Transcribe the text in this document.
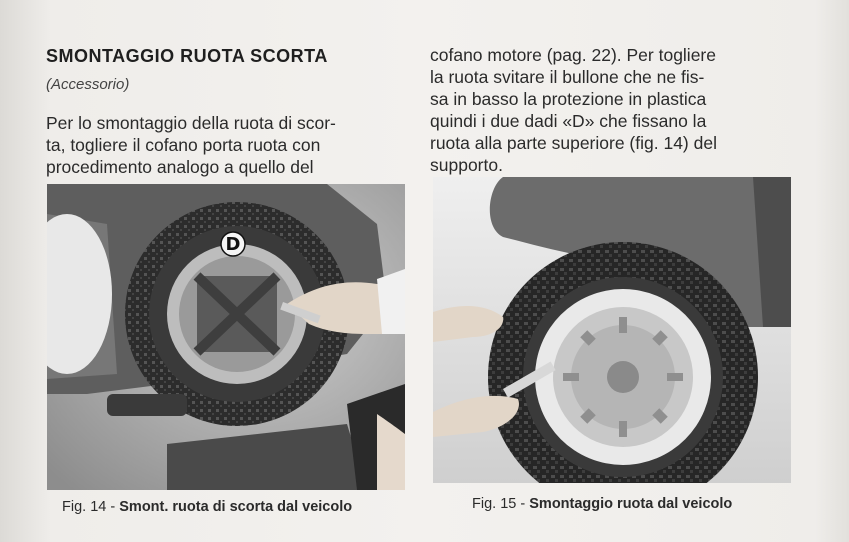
SMONTAGGIO RUOTA SCORTA
(Accessorio)
Per lo smontaggio della ruota di scor-
ta, togliere il cofano porta ruota con
procedimento analogo a quello del
cofano motore (pag. 22). Per togliere
la ruota svitare il bullone che ne fis-
sa in basso la protezione in plastica
quindi i due dadi «D» che fissano la
ruota alla parte superiore (fig. 14) del
supporto.
D
Fig. 14 - Smont. ruota di scorta dal veicolo	Fig. 15 - Smontaggio ruota dal veicolo
